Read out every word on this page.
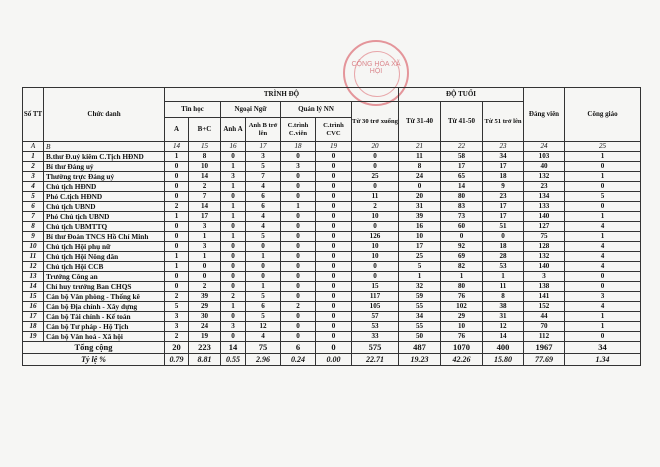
CỘNG HÒA XÃ HỘI
Số TT	Chức danh	TRÌNH ĐỘ							ĐỘ TUỔI			Đảng viên	Công giáo
		Tin học		Ngoại Ngữ		Quản lý NN		Từ 30 trở xuống	Từ 31-40	Từ 41-50	Từ 51 trở lên		

		A	B+C	Anh A	Anh B trở lên	C.trình C.viên	C.trình CVC						

A	B	14	15	16	17	18	19	20	21	22	23	24	25
1	B.thư Đ.uỷ kiêm C.Tịch HĐND	1	8	0	3	0	0	0	11	58	34	103	1
2	Bí thư Đảng uỷ	0	10	1	5	3	0	0	8	17	17	40	0
3	Thường trực Đảng uỷ	0	14	3	7	0	0	25	24	65	18	132	1
4	Chủ tịch HĐND	0	2	1	4	0	0	0	0	14	9	23	0
5	Phó C.tịch HĐND	0	7	0	6	0	0	11	20	80	23	134	5
6	Chủ tịch UBND	2	14	1	6	1	0	2	31	83	17	133	0
7	Phó Chủ tịch UBND	1	17	1	4	0	0	10	39	73	17	140	1
8	Chủ tịch UBMTTQ	0	3	0	4	0	0	0	16	60	51	127	4
9	Bí thư Đoàn TNCS Hồ Chí Minh	0	1	1	5	0	0	126	10	0	0	75	1
10	Chủ tịch Hội phụ nữ	0	3	0	0	0	0	10	17	92	18	128	4
11	Chủ tịch Hội Nông dân	1	1	0	1	0	0	10	25	69	28	132	4
12	Chủ tịch Hội CCB	1	0	0	0	0	0	0	5	82	53	140	4
13	Trưởng Công an	0	0	0	0	0	0	0	1	1	1	3	0
14	Chỉ huy trưởng Ban CHQS	0	2	0	1	0	0	15	32	80	11	138	0
15	Cán bộ Văn phòng - Thống kê	2	39	2	5	0	0	117	59	76	8	141	3
16	Cán bộ Địa chính - Xây dựng	5	29	1	6	2	0	105	55	102	38	152	4
17	Cán bộ Tài chính - Kế toán	3	30	0	5	0	0	57	34	29	31	44	1
18	Cán bộ Tư pháp - Hộ Tịch	3	24	3	12	0	0	53	55	10	12	70	1
19	Cán bộ Văn hoá - Xã hội	2	19	0	4	0	0	33	50	76	14	112	0
Tổng cộng		20	223	14	75	6	0	575	487	1070	400	1967	34
Tỷ lệ %		0.79	8.81	0.55	2.96	0.24	0.00	22.71	19.23	42.26	15.80	77.69	1.34
